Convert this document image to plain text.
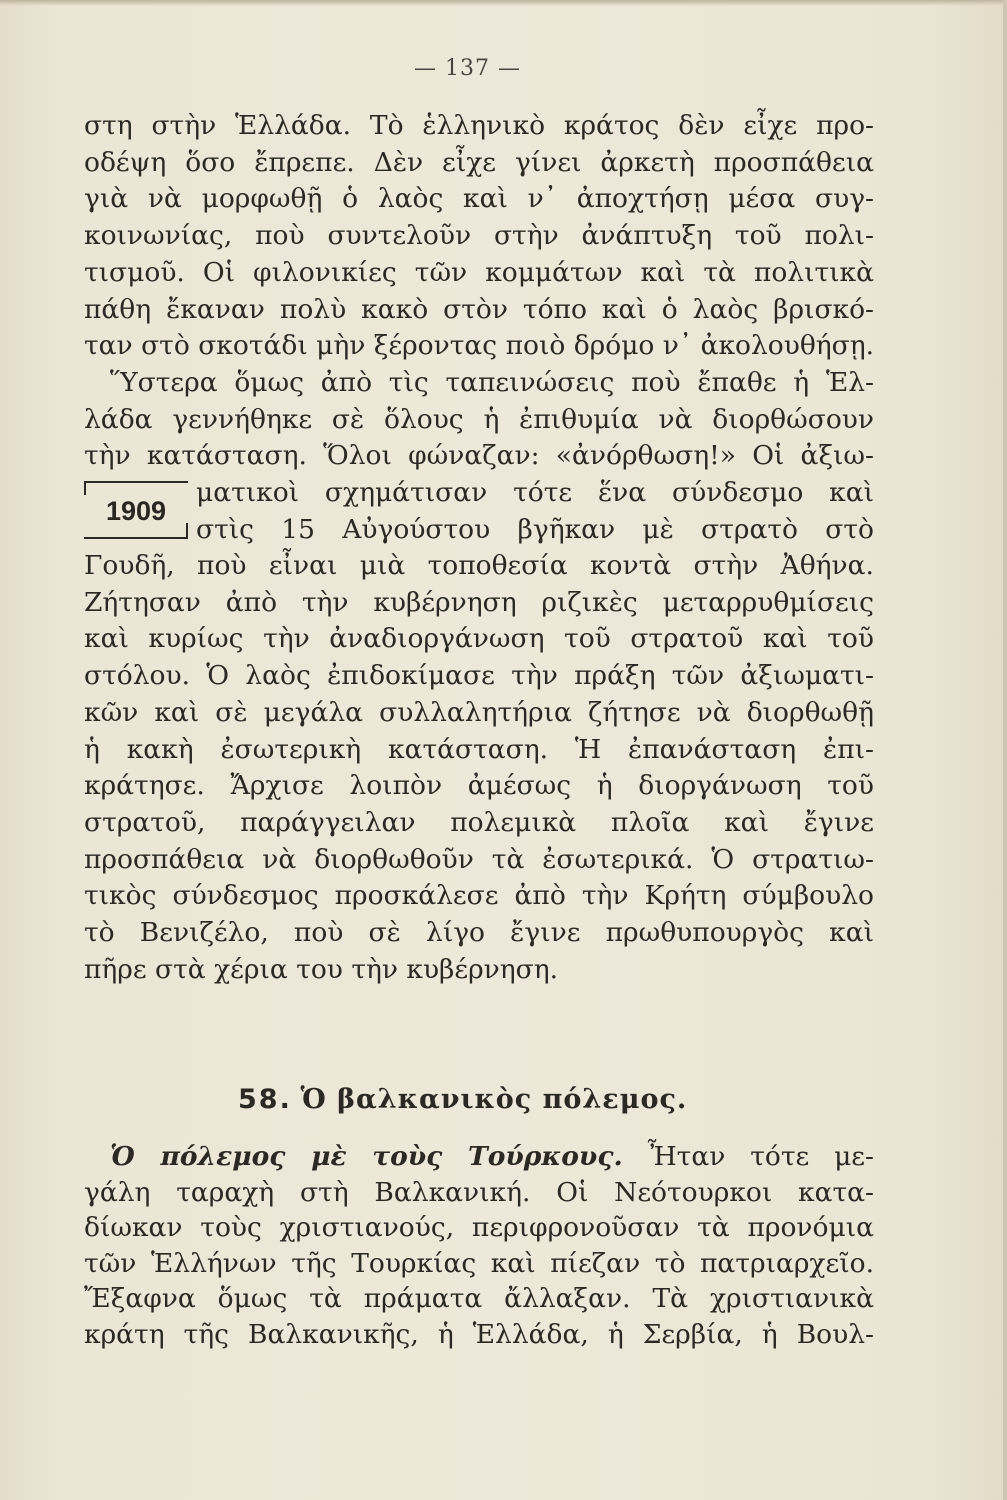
— 137 —
στη στὴν Ἑλλάδα. Τὸ ἑλληνικὸ κράτος δὲν εἶχε προ-
οδέψη ὅσο ἔπρεπε. Δὲν εἶχε γίνει ἀρκετὴ προσπάθεια
γιὰ νὰ μορφωθῇ ὁ λαὸς καὶ ν᾿ ἀποχτήσῃ μέσα συγ-
κοινωνίας, ποὺ συντελοῦν στὴν ἀνάπτυξη τοῦ πολι-
τισμοῦ. Οἱ φιλονικίες τῶν κομμάτων καὶ τὰ πολιτικὰ
πάθη ἔκαναν πολὺ κακὸ στὸν τόπο καὶ ὁ λαὸς βρισκό-
ταν στὸ σκοτάδι μὴν ξέροντας ποιὸ δρόμο ν᾿ ἀκολουθήσῃ.
Ὕστερα ὅμως ἀπὸ τὶς ταπεινώσεις ποὺ ἔπαθε ἡ Ἑλ-
λάδα γεννήθηκε σὲ ὅλους ἡ ἐπιθυμία νὰ διορθώσουν
τὴν κατάσταση. Ὅλοι φώναζαν: «ἀνόρθωση!» Οἱ ἀξιω-
1909
ματικοὶ σχημάτισαν τότε ἕνα σύνδεσμο καὶ
στὶς 15 Αὐγούστου βγῆκαν μὲ στρατὸ στὸ
Γουδῆ, ποὺ εἶναι μιὰ τοποθεσία κοντὰ στὴν Ἀθήνα.
Ζήτησαν ἀπὸ τὴν κυβέρνηση ριζικὲς μεταρρυθμίσεις
καὶ κυρίως τὴν ἀναδιοργάνωση τοῦ στρατοῦ καὶ τοῦ
στόλου. Ὁ λαὸς ἐπιδοκίμασε τὴν πράξη τῶν ἀξιωματι-
κῶν καὶ σὲ μεγάλα συλλαλητήρια ζήτησε νὰ διορθωθῇ
ἡ κακὴ ἐσωτερικὴ κατάσταση. Ἡ ἐπανάσταση ἐπι-
κράτησε. Ἄρχισε λοιπὸν ἀμέσως ἡ διοργάνωση τοῦ
στρατοῦ, παράγγειλαν πολεμικὰ πλοῖα καὶ ἔγινε
προσπάθεια νὰ διορθωθοῦν τὰ ἐσωτερικά. Ὁ στρατιω-
τικὸς σύνδεσμος προσκάλεσε ἀπὸ τὴν Κρήτη σύμβουλο
τὸ Βενιζέλο, ποὺ σὲ λίγο ἔγινε πρωθυπουργὸς καὶ
πῆρε στὰ χέρια του τὴν κυβέρνηση.
58. Ὁ βαλκανικὸς πόλεμος.
Ὁ πόλεμος μὲ τοὺς Τούρκους. Ἦταν τότε με-
γάλη ταραχὴ στὴ Βαλκανική. Οἱ Νεότουρκοι κατα-
δίωκαν τοὺς χριστιανούς, περιφρονοῦσαν τὰ προνόμια
τῶν Ἑλλήνων τῆς Τουρκίας καὶ πίεζαν τὸ πατριαρχεῖο.
Ἔξαφνα ὅμως τὰ πράματα ἄλλαξαν. Τὰ χριστιανικὰ
κράτη τῆς Βαλκανικῆς, ἡ Ἑλλάδα, ἡ Σερβία, ἡ Βουλ-
